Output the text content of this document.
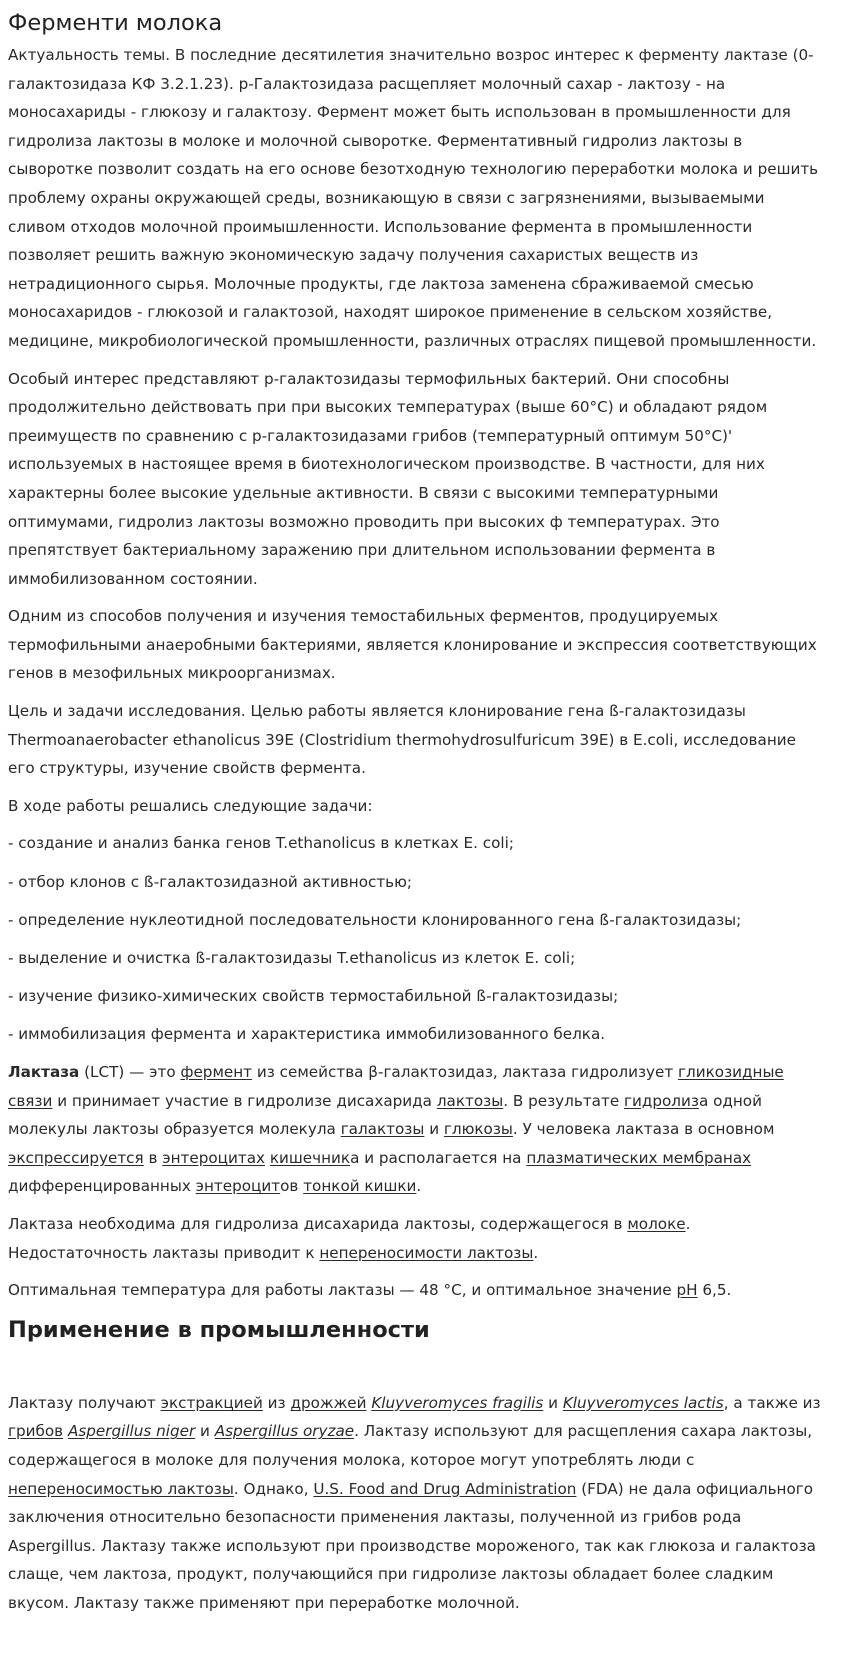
Ферменти молока

Актуальность темы. В последние десятилетия значительно возрос интерес к ферменту лактазе (0-галактозидаза КФ 3.2.1.23). р-Галактозидаза расщепляет молочный сахар - лактозу - на моносахариды - глюкозу и галактозу. Фермент может быть использован в промышленности для гидролиза лактозы в молоке и молочной сыворотке. Ферментативный гидролиз лактозы в сыворотке позволит создать на его основе безотходную технологию переработки молока и решить проблему охраны окружающей среды, возникающую в связи с загрязнениями, вызываемыми сливом отходов молочной проимышленности. Использование фермента в промышленности позволяет решить важную экономическую задачу получения сахаристых веществ из нетрадиционного сырья. Молочные продукты, где лактоза заменена сбраживаемой смесью моносахаридов - глюкозой и галактозой, находят широкое применение в сельском хозяйстве, медицине, микробиологической промышленности, различных отраслях пищевой промышленности.

Особый интерес представляют р-галактозидазы термофильных бактерий. Они способны продолжительно действовать при при высоких температурах (выше 60°С) и обладают рядом преимуществ по сравнению с р-галактозидазами грибов (температурный оптимум 50°С)' используемых в настоящее время в биотехнологическом производстве. В частности, для них характерны более высокие удельные активности. В связи с высокими температурными оптимумами, гидролиз лактозы возможно проводить при высоких ф температурах. Это препятствует бактериальному заражению при длительном использовании фермента в иммобилизованном состоянии.

Одним из способов получения и изучения темостабильных ферментов, продуцируемых термофильными анаеробными бактериями, является клонирование и экспрессия соответствующих генов в мезофильных микроорганизмах.

Цель и задачи исследования. Целью работы является клонирование гена ß-галактозидазы Thermoanaerobacter ethanolicus 39E (Clostridium thermohydrosulfuricum 39E) в E.coli, исследование его структуры, изучение свойств фермента.

В ходе работы решались следующие задачи:

- создание и анализ банка генов T.ethanolicus в клетках E. coli;

- отбор клонов с ß-галактозидазной активностью;

- определение нуклеотидной последовательности клонированного гена ß-галактозидазы;

- выделение и очистка ß-галактозидазы T.ethanolicus из клеток E. coli;

- изучение физико-химических свойств термостабильной ß-галактозидазы;

- иммобилизация фермента и характеристика иммобилизованного белка.

Лактаза (LCT) — это фермент из семейства β-галактозидаз, лактаза гидролизует гликозидные связи и принимает участие в гидролизе дисахарида лактозы. В результате гидролиза одной молекулы лактозы образуется молекула галактозы и глюкозы. У человека лактаза в основном экспрессируется в энтероцитах кишечника и располагается на плазматических мембранах дифференцированных энтероцитов тонкой кишки.

Лактаза необходима для гидролиза дисахарида лактозы, содержащегося в молоке. Недостаточность лактазы приводит к непереносимости лактозы.

Оптимальная температура для работы лактазы — 48 °C, и оптимальное значение pH 6,5.

Применение в промышленности

Лактазу получают экстракцией из дрожжей Kluyveromyces fragilis и Kluyveromyces lactis, а также из грибов Aspergillus niger и Aspergillus oryzae. Лактазу используют для расщепления сахара лактозы, содержащегося в молоке для получения молока, которое могут употреблять люди с непереносимостью лактозы. Однако, U.S. Food and Drug Administration (FDA) не дала официального заключения относительно безопасности применения лактазы, полученной из грибов рода Aspergillus. Лактазу также используют при производстве мороженого, так как глюкоза и галактоза слаще, чем лактоза, продукт, получающийся при гидролизе лактозы обладает более сладким вкусом. Лактазу также применяют при переработке молочной.
